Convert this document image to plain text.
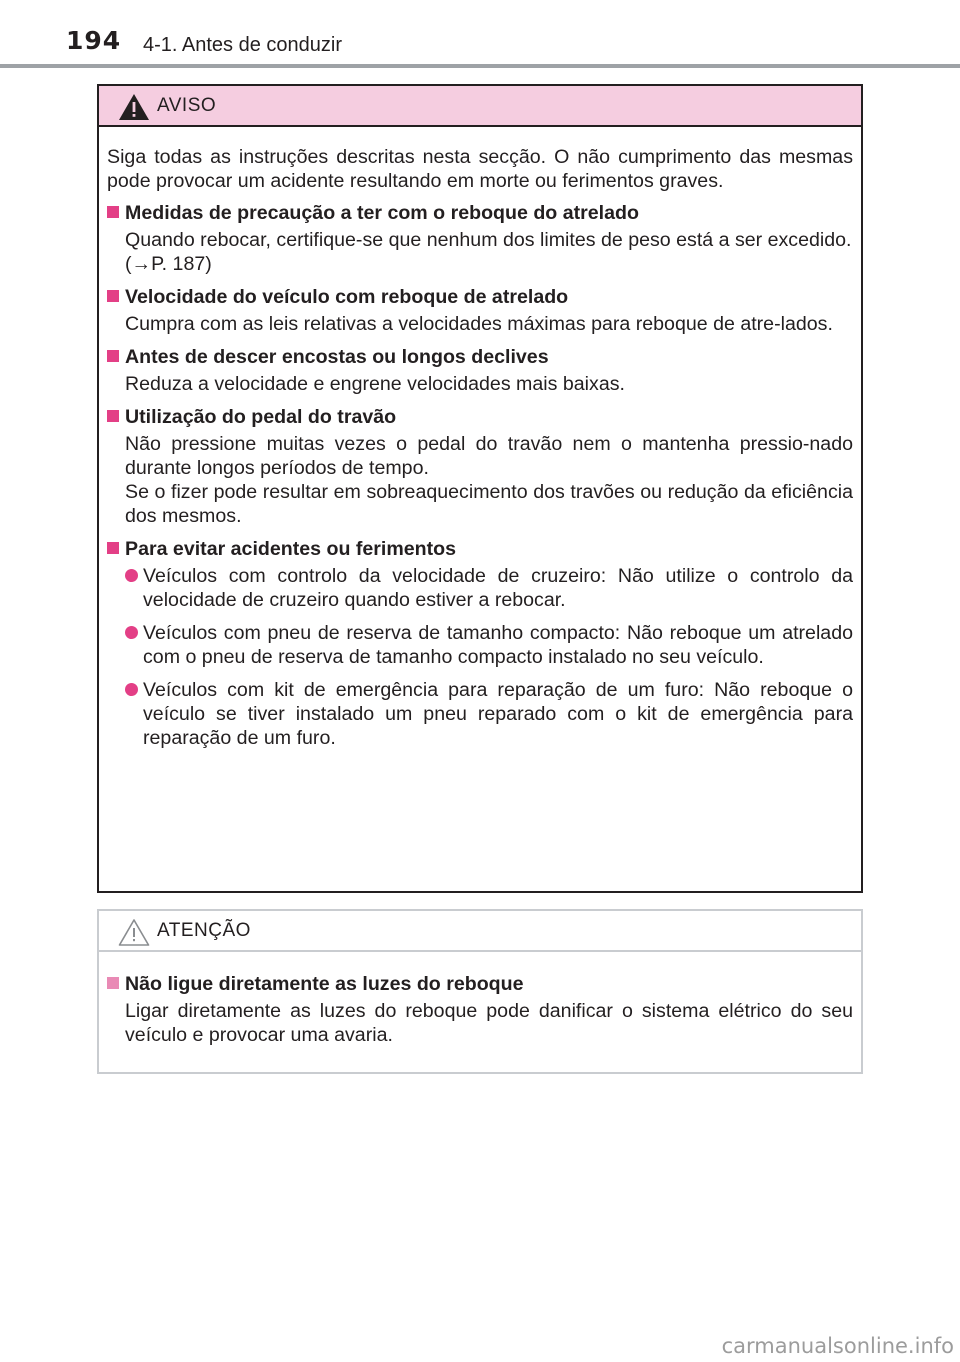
194 4-1. Antes de conduzir
AVISO

Siga todas as instruções descritas nesta secção. O não cumprimento das mesmas pode provocar um acidente resultando em morte ou ferimentos graves.

Medidas de precaução a ter com o reboque do atrelado

Quando rebocar, certifique-se que nenhum dos limites de peso está a ser excedido.

(→P. 187)

Velocidade do veículo com reboque de atrelado

Cumpra com as leis relativas a velocidades máximas para reboque de atre-lados.

Antes de descer encostas ou longos declives

Reduza a velocidade e engrene velocidades mais baixas.

Utilização do pedal do travão

Não pressione muitas vezes o pedal do travão nem o mantenha pressio-nado durante longos períodos de tempo.

Se o fizer pode resultar em sobreaquecimento dos travões ou redução da eficiência dos mesmos.

Para evitar acidentes ou ferimentos
Veículos com controlo da velocidade de cruzeiro: Não utilize o controlo da velocidade de cruzeiro quando estiver a rebocar.
Veículos com pneu de reserva de tamanho compacto: Não reboque um atrelado com o pneu de reserva de tamanho compacto instalado no seu veículo.
Veículos com kit de emergência para reparação de um furo: Não reboque o veículo se tiver instalado um pneu reparado com o kit de emergência para reparação de um furo.
ATENÇÃO
Não ligue diretamente as luzes do reboque

Ligar diretamente as luzes do reboque pode danificar o sistema elétrico do seu veículo e provocar uma avaria.

carmanualsonline.info
